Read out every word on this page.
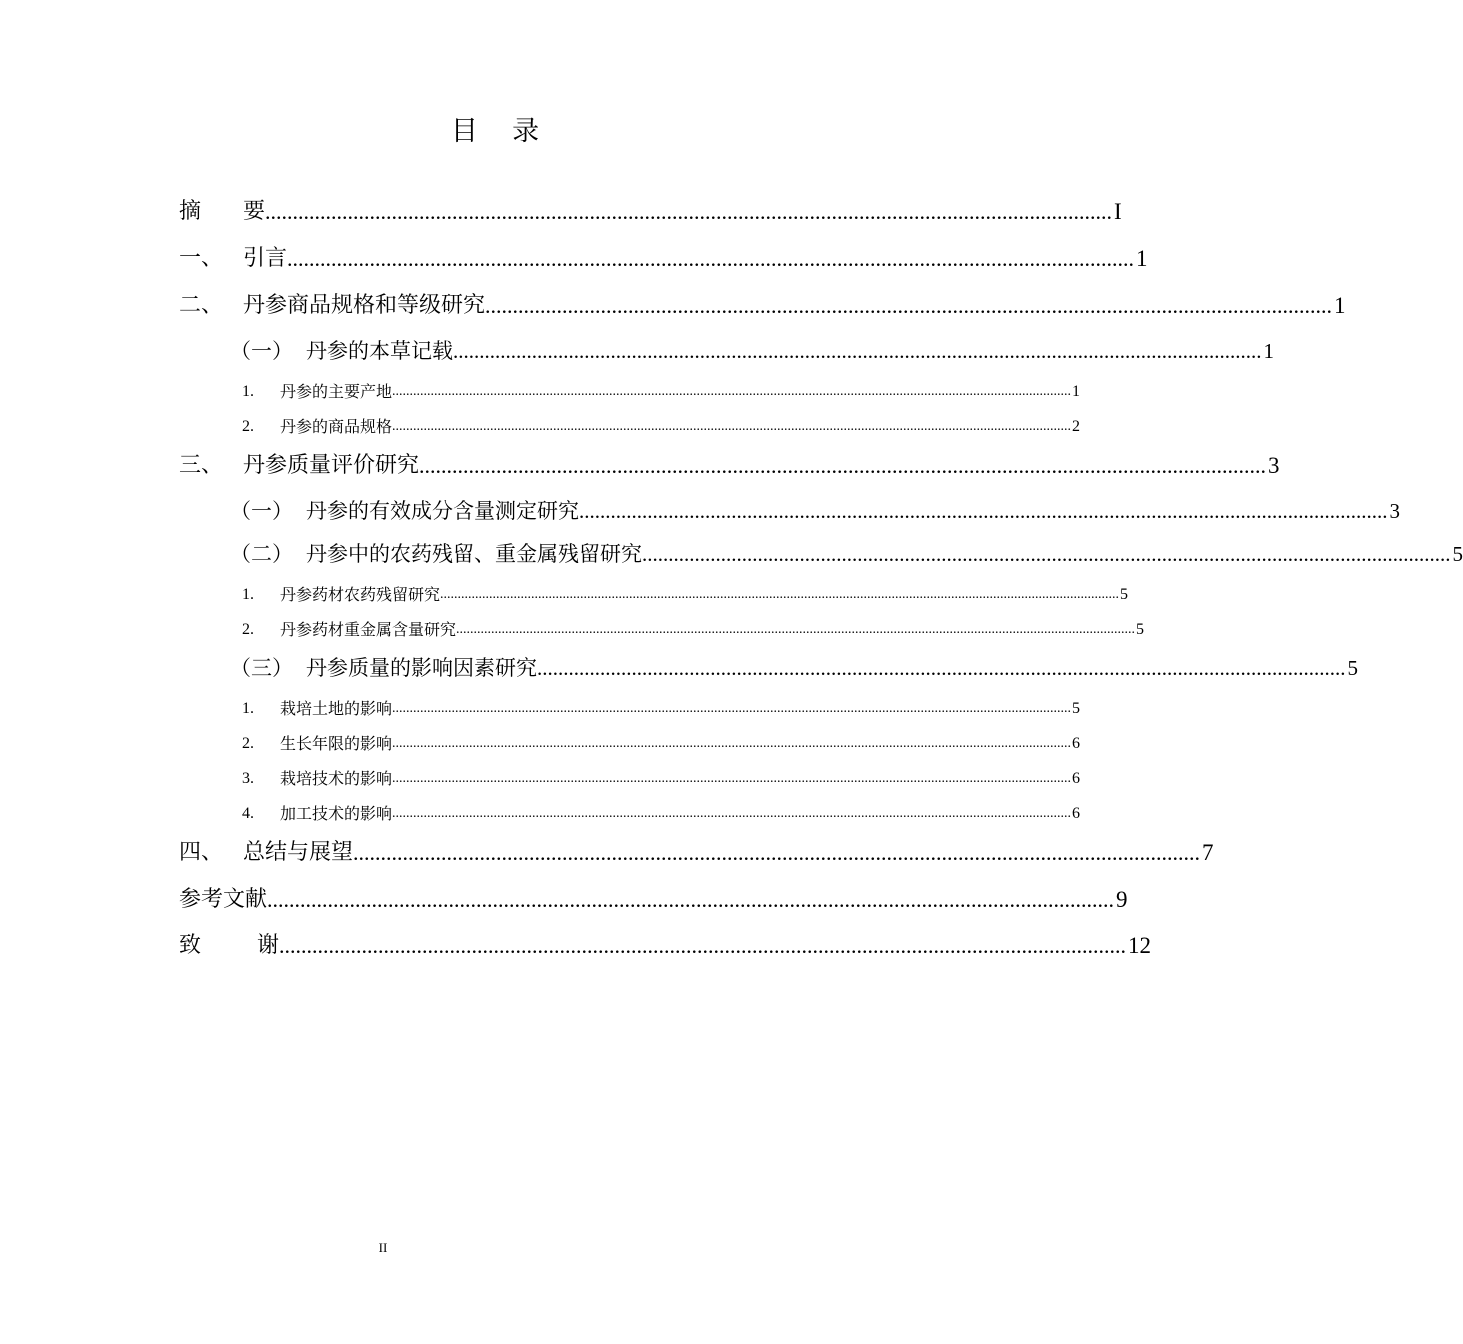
目    录
摘      要 .......................................................................................................................................................... I
一、 引言 .......................................................................................................................................................... 1
二、 丹参商品规格和等级研究 .......................................................................................................................................................... 1
（一） 丹参的本草记载 .......................................................................................................................................................... 1
1.	丹参的主要产地 .................................................................................................................................................................................................. 1
2.	丹参的商品规格 .................................................................................................................................................................................................. 2
三、 丹参质量评价研究 .......................................................................................................................................................... 3
（一） 丹参的有效成分含量测定研究 .......................................................................................................................................................... 3
（二） 丹参中的农药残留、重金属残留研究 .......................................................................................................................................................... 5
1.	丹参药材农药残留研究 .................................................................................................................................................................................................. 5
2.	丹参药材重金属含量研究 .................................................................................................................................................................................................. 5
（三） 丹参质量的影响因素研究 .......................................................................................................................................................... 5
1.	栽培土地的影响 .................................................................................................................................................................................................. 5
2.	生长年限的影响 .................................................................................................................................................................................................. 6
3.	栽培技术的影响 .................................................................................................................................................................................................. 6
4.	加工技术的影响 .................................................................................................................................................................................................. 6
四、 总结与展望 .......................................................................................................................................................... 7
参考文献 .......................................................................................................................................................... 9
致        谢 .......................................................................................................................................................... 12
II
